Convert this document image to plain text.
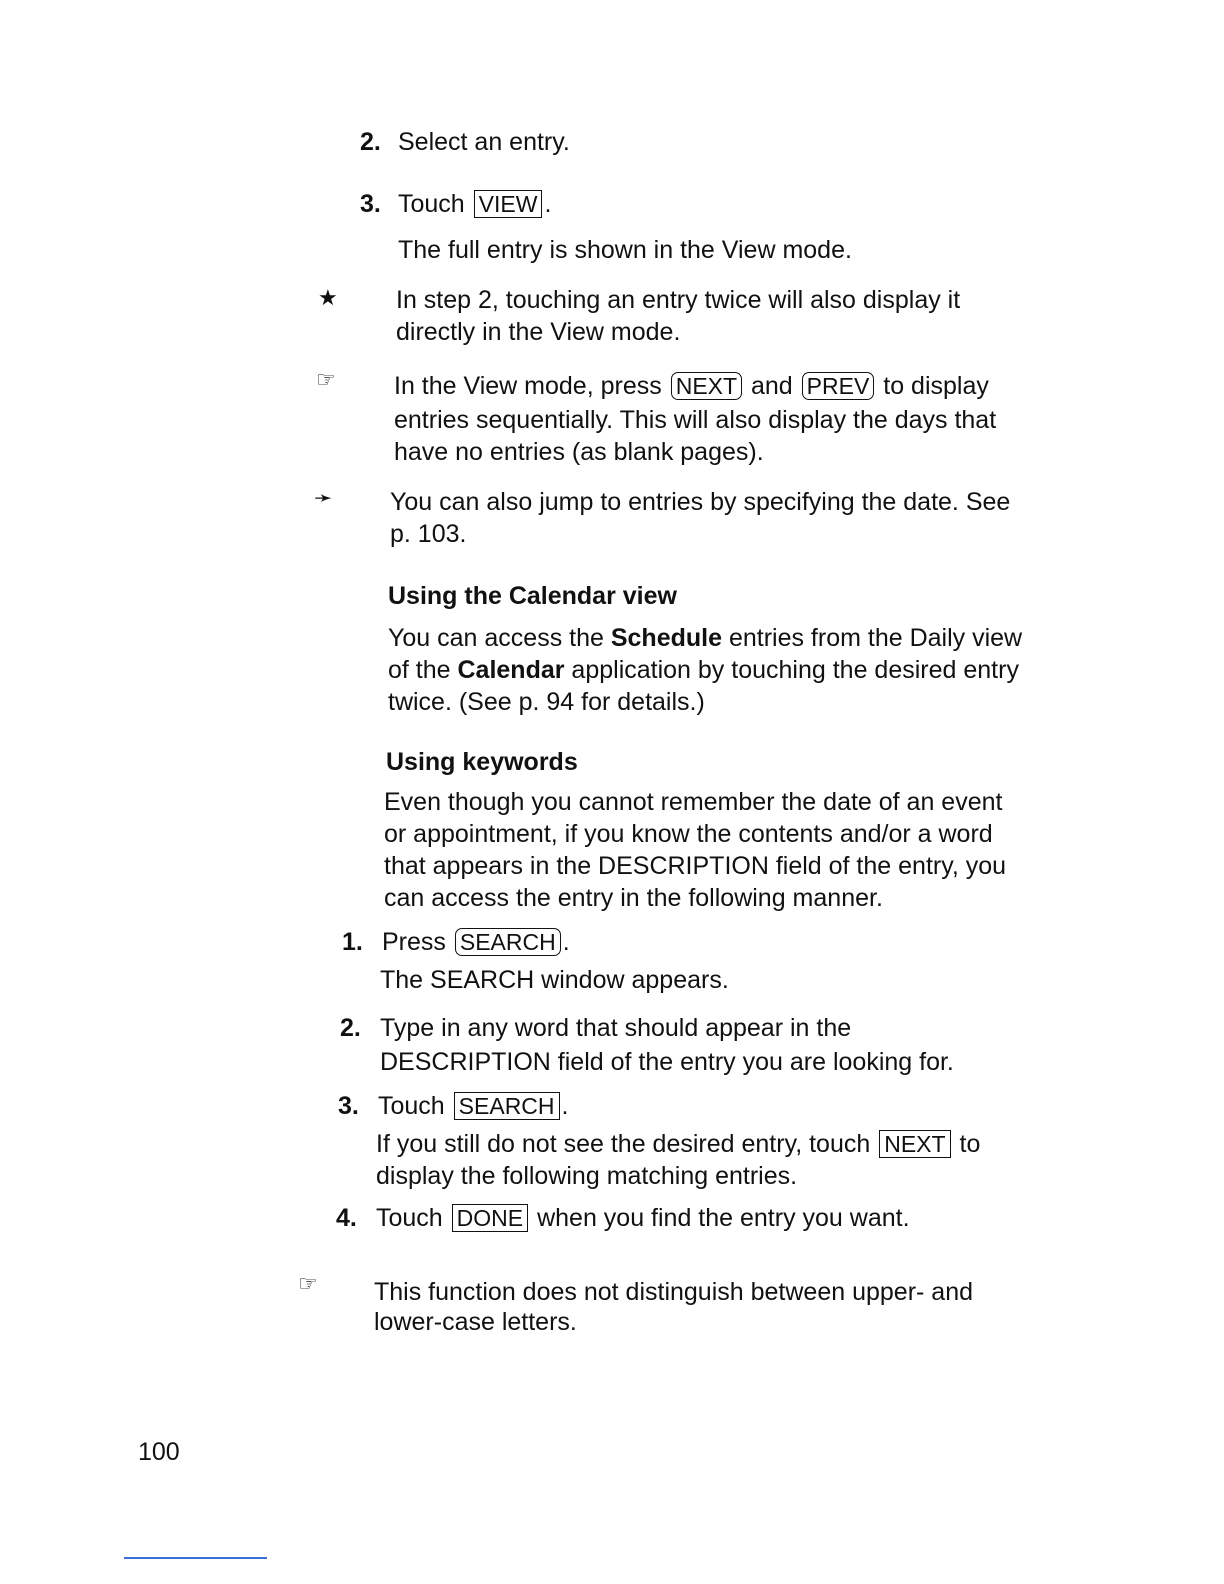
2. Select an entry.
3. Touch VIEW .
The full entry is shown in the View mode.
★ In step 2, touching an entry twice will also display it
directly in the View mode.
☞ In the View mode, press NEXT and PREV to display
entries sequentially. This will also display the days that
have no entries (as blank pages).
➛ You can also jump to entries by specifying the date. See
p. 103.
Using the Calendar view
You can access the Schedule entries from the Daily view
of the Calendar application by touching the desired entry
twice. (See p. 94 for details.)
Using keywords
Even though you cannot remember the date of an event
or appointment, if you know the contents and/or a word
that appears in the DESCRIPTION field of the entry, you
can access the entry in the following manner.
1. Press SEARCH .
The SEARCH window appears.
2. Type in any word that should appear in the
DESCRIPTION field of the entry you are looking for.
3. Touch SEARCH .
If you still do not see the desired entry, touch NEXT to
display the following matching entries.
4. Touch DONE when you find the entry you want.
☞ This function does not distinguish between upper- and
lower-case letters.
100
